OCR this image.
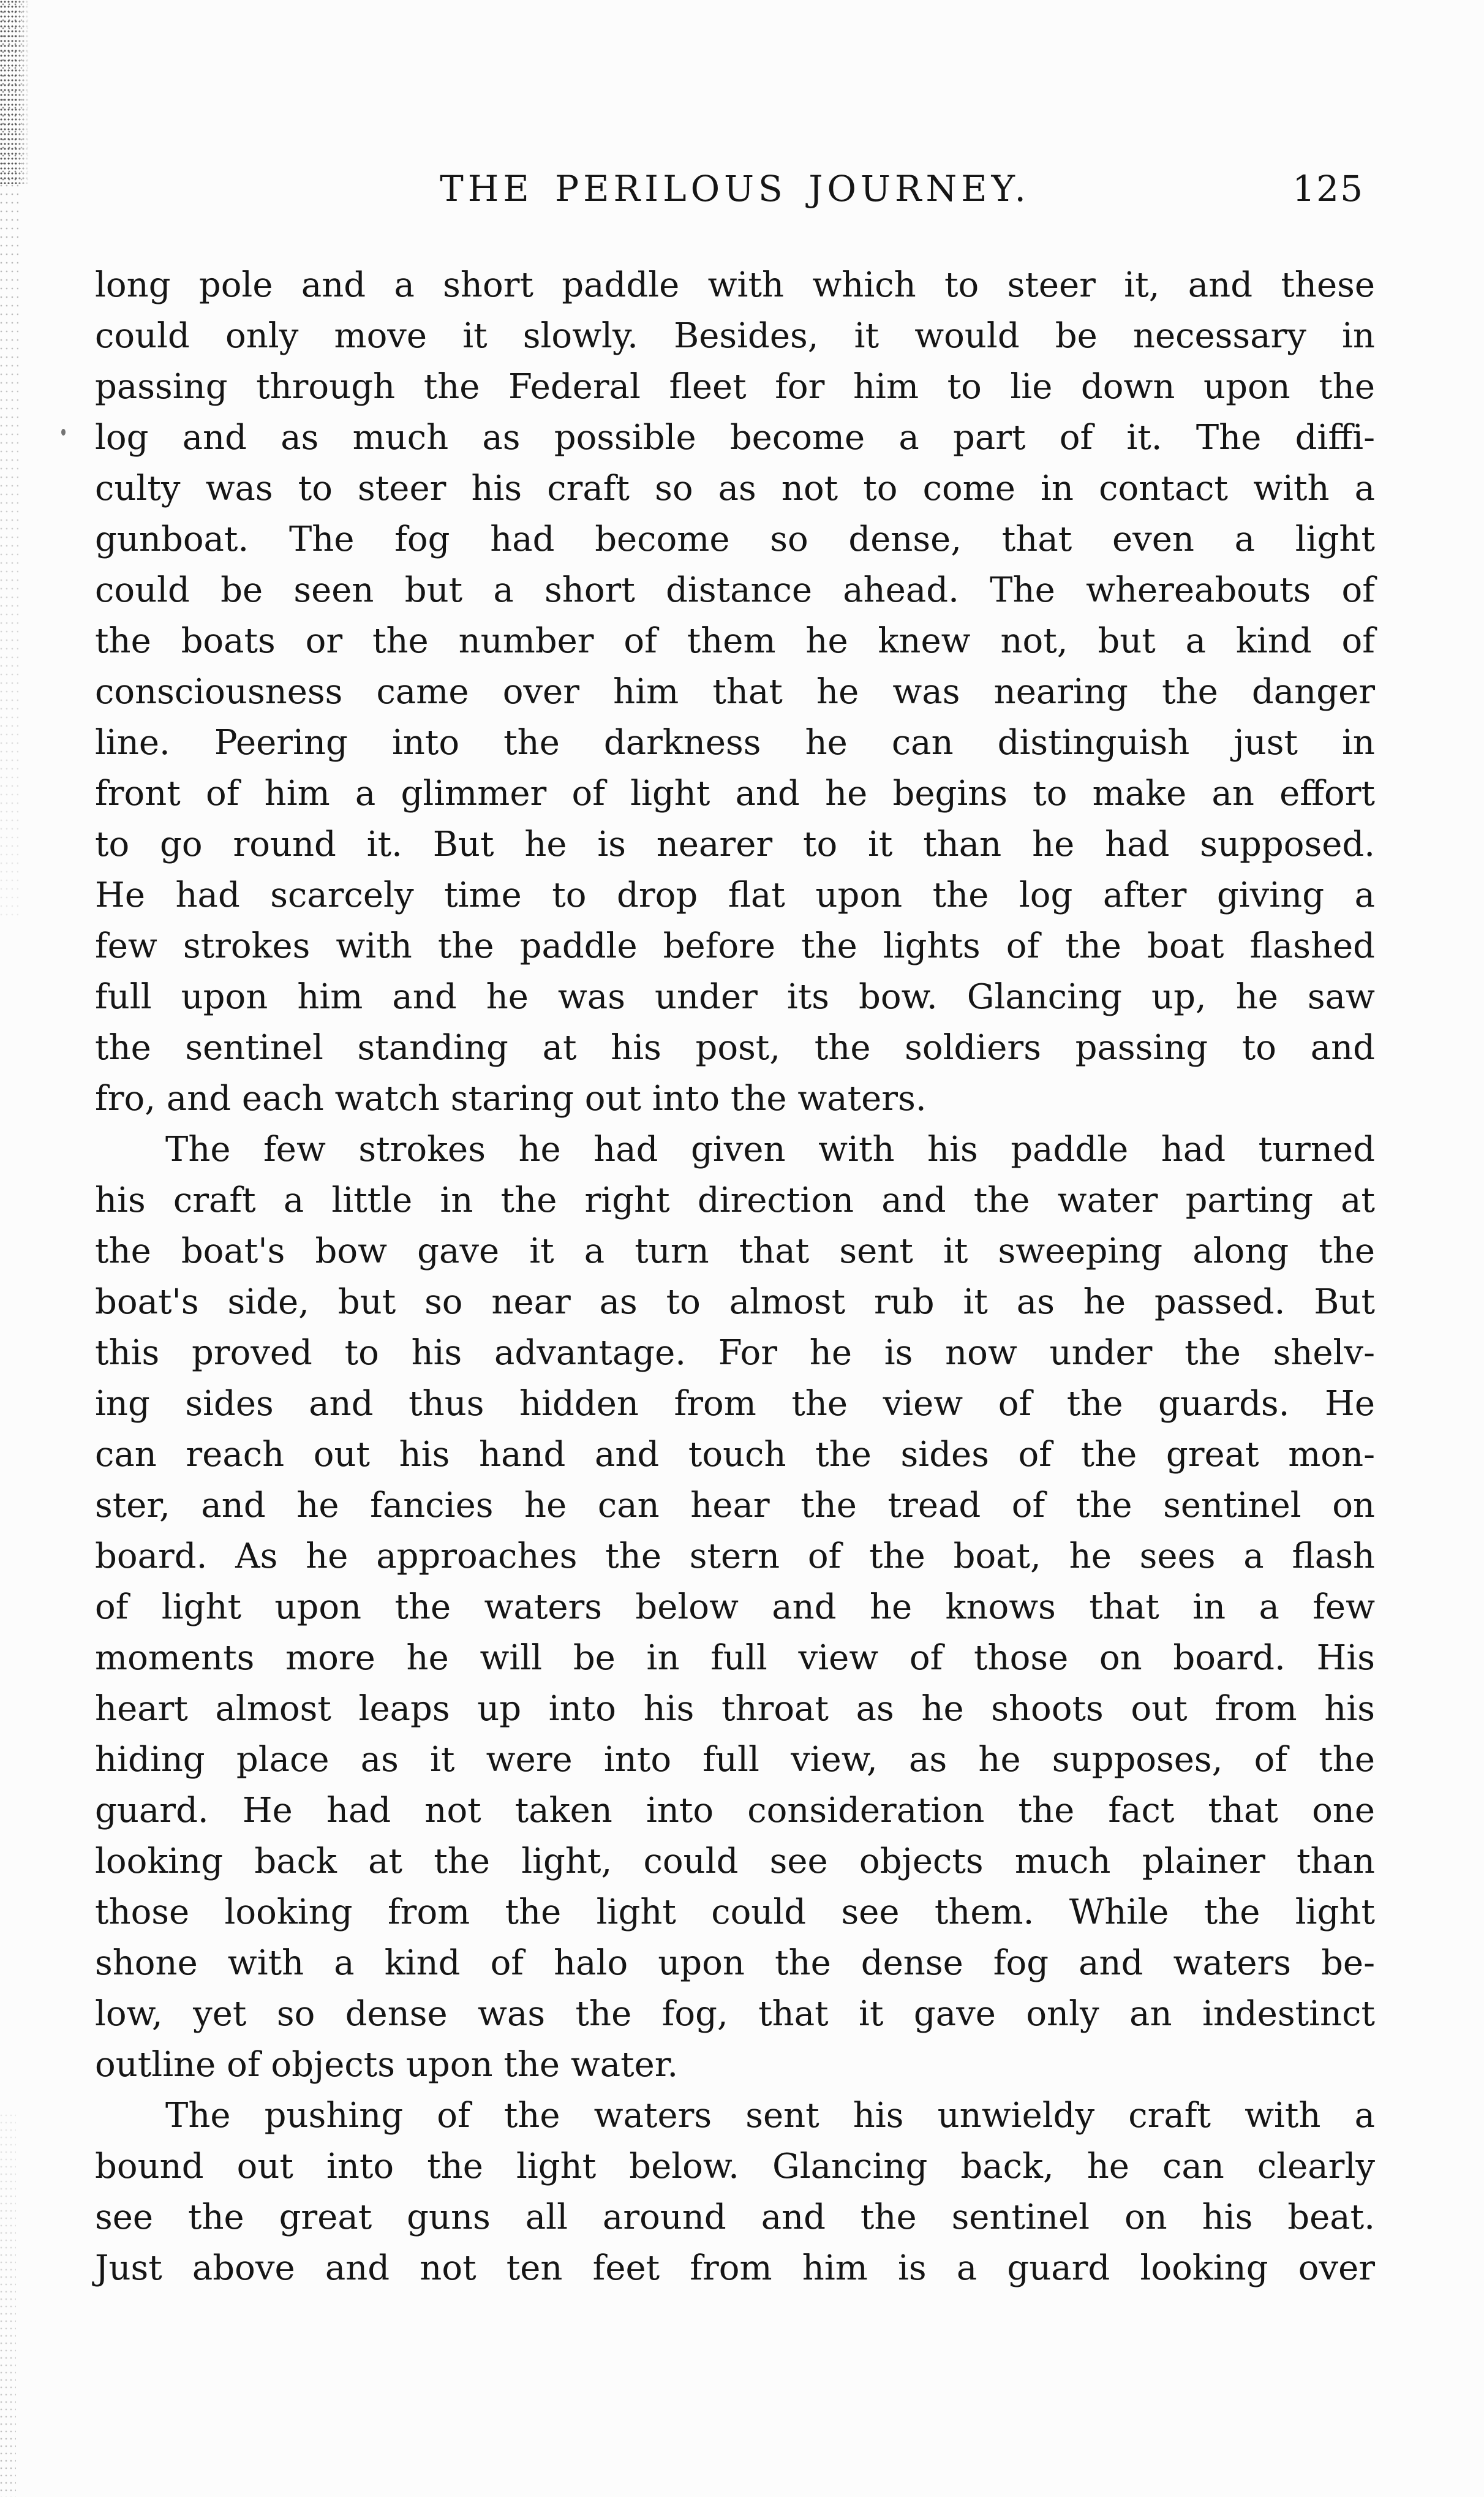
THE PERILOUS JOURNEY.	125
long pole and a short paddle with which to steer it, and these
could only move it slowly. Besides, it would be necessary in
passing through the Federal fleet for him to lie down upon the
log and as much as possible become a part of it. The diffi-
culty was to steer his craft so as not to come in contact with a
gunboat. The fog had become so dense, that even a light
could be seen but a short distance ahead. The whereabouts of
the boats or the number of them he knew not, but a kind of
consciousness came over him that he was nearing the danger
line. Peering into the darkness he can distinguish just in
front of him a glimmer of light and he begins to make an effort
to go round it. But he is nearer to it than he had supposed.
He had scarcely time to drop flat upon the log after giving a
few strokes with the paddle before the lights of the boat flashed
full upon him and he was under its bow. Glancing up, he saw
the sentinel standing at his post, the soldiers passing to and
fro, and each watch staring out into the waters.
The few strokes he had given with his paddle had turned
his craft a little in the right direction and the water parting at
the boat's bow gave it a turn that sent it sweeping along the
boat's side, but so near as to almost rub it as he passed. But
this proved to his advantage. For he is now under the shelv-
ing sides and thus hidden from the view of the guards. He
can reach out his hand and touch the sides of the great mon-
ster, and he fancies he can hear the tread of the sentinel on
board. As he approaches the stern of the boat, he sees a flash
of light upon the waters below and he knows that in a few
moments more he will be in full view of those on board. His
heart almost leaps up into his throat as he shoots out from his
hiding place as it were into full view, as he supposes, of the
guard. He had not taken into consideration the fact that one
looking back at the light, could see objects much plainer than
those looking from the light could see them. While the light
shone with a kind of halo upon the dense fog and waters be-
low, yet so dense was the fog, that it gave only an indestinct
outline of objects upon the water.
The pushing of the waters sent his unwieldy craft with a
bound out into the light below. Glancing back, he can clearly
see the great guns all around and the sentinel on his beat.
Just above and not ten feet from him is a guard looking over
